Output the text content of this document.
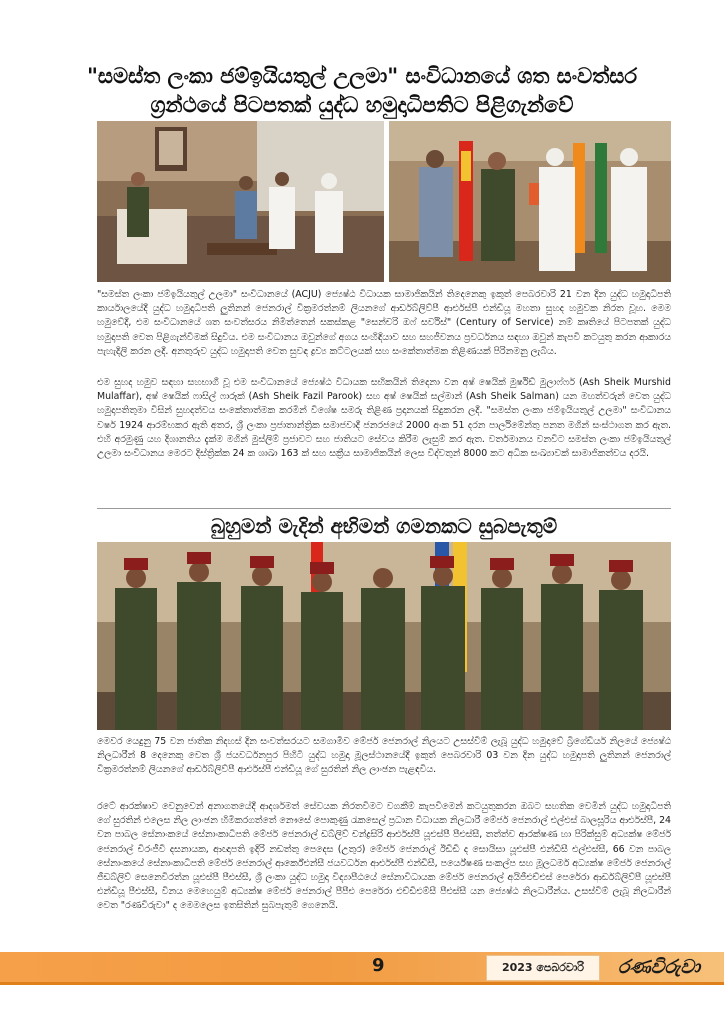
"සමස්ත ලංකා ජම්ඉයියතුල් උලමා" සංවිධානයේ ශත සංවත්සර ග්‍රන්ථයේ පිටපතක් යුද්ධ හමුදාධිපතිට පිළිගැන්වේ

"සමස්ත ලංකා ජම්ඉයියතුල් උලමා" සංවිධානයේ (ACJU) ජ්‍යෙෂ්ඨ විධායක සාමාජිකයින් තිදෙනෙකු ඉකුත් පෙබරවාරි 21 වන දින යුද්ධ හමුදාධිපති කාර්යාලයේදී යුද්ධ හමුදාධිපති ලුතිනන් ජෙනරාල් වික්‍රමරත්නම් ලියනගේ ආර්ඩබ්ලිව්පී ආර්එස්පී එන්ඩියූ මහතා සුහද හමුවක නිරත වූහ. මෙම හමුවේදී, එම සංවිධානයේ ශත සංවත්සරය නිමිත්තෙන් සකස්කළ "සෙන්චරි ඔෆ් සර්විස්" (Century of Service) නම් කෘතියේ පිටපතක් යුද්ධ හමුදාපති වෙත පිළිගැන්වීමක් සිදුවිය. එම සංවිධානය ඔවුන්ගේ අගය සංහිඳියාව සහ සහජීවනය ප්‍රවර්ධනය සඳහා ඔවුන් කැපවී කටයුතු කරන ආකාරය පැහැදිලි කරන ලදී. අනතුරුව යුද්ධ හමුදාපති වෙත සුවඳ ද්‍රව්‍ය කට්ටලයක් සහ සංකේතාත්මක තිළිණයක් පිරිනමනු ලැබීය.

එම සුහද හමුව සඳහා සහභාගී වූ එම සංවිධානයේ ජ්‍යෙෂ්ඨ විධායක සභිකයින් තිදෙනා වන අෂ් ෂෙයික් මුර්ෂිඩ් මුලාෆ්ෆර් (Ash Sheik Murshid Mulaffar), අෂ් ෂෙයික් ෆාසිල් ෆාරූක් (Ash Sheik Fazil Parook) සහ අෂ් ෂෙයික් සල්මාන් (Ash Sheik Salman) යන මහත්වරුන් වෙත යුද්ධ හමුදාපතිතුමා විසින් සුහදත්වය සංකේතාත්මක කරමින් විශේෂ සමරු තිළිණ ප්‍රදානයක් සිදුකරන ලදී. "සමස්ත ලංකා ජම්ඉයියතුල් උලමා" සංවිධානය වර්ෂ 1924 ආරම්භකර ඇති අතර, ශ්‍රී ලංකා ප්‍රජාතාන්ත්‍රික සමාජවාදී ජනරජයේ 2000 අංක 51 දරන පාර්ලිමේන්තු පනත මගින් සංස්ථාගත කර ඇත. එහි අරමුණු යහ දිශානතිය දැක්ම මගින් මුස්ලිම් ප්‍රජාවට සහ ජාතියට සේවය කිරීම ලැසුම් කර ඇත. වර්තමානය වනවිට සමස්ත ලංකා ජම්ඉයියතුල් උලමා සංවිධානය මෙරට දිස්ත්‍රික්ක 24 ක ශාඛා 163 ක් සහ සක්‍රීය සාමාජිකයින් ලෙස විද්වතුන් 8000 කට අධික සංඛ්‍යාවක් සාමාජිකත්වය දරයි.

බුහුමන් මැදින් අභිමන් ගමනකට සුබපැතුම්

මෙවර යෙදුනු 75 වන ජාතික නිදහස් දින සංවත්සරයට සමගාමීව මේජර් ජෙනරාල් නිලයට උසස්වීම් ලැබූ යුද්ධ හමුදාවේ බ්‍රිගේඩියර් නිලයේ ජ්‍යෙෂ්ඨ නිලධාරීන් 8 දෙනෙකු වෙත ශ්‍රී ජයවර්ධනපුර පිහිටි යුද්ධ හමුදා මූලස්ථානයේදී ඉකුත් පෙබරවාරි 03 වන දින යුද්ධ හමුදාපති ලුතිනන් ජෙනරාල් වික්‍රමරත්නම් ලියනගේ ආර්ඩබ්ලිව්පී ආර්එස්පී එන්ඩියූ ගේ සුරතින් නිල ලාංඡන පැළඳවිය.

රටේ ආරක්ෂාව වෙනුවෙන් අනාගතයේදී ආදර්ශමත් සේවයක නිරතවීමට වගකීම් කැපවීමෙන් කටයුතුකරන ඔබට සහතික වෙමින් යුද්ධ හමුදාධිපති ගේ සුරතින් එලෙස නිල ලාංඡන හිමිකරගත්තේ නෞසේ පොකුණු රැකසෙල් ප්‍රධාන විධායක නිලධාරී මේජර් ජෙනරාල් එල්එස් බාලසූරිය ආර්එස්පී, 24 වන පාබල සේනාංකයේ සේනාංකාධිපති මේජර් ජෙනරාල් ඩබ්ලිව් චන්ද්‍රසිරි ආර්එස්පී යූඑස්පී පීඑස්සී, තත්ත්ව ආරක්ෂණ හා පිරික්සුම් අධ්‍යක්ෂ මේජර් ජෙනරාල් චිරංජීවී දසනායක, ආඥාපති ඉදිරි නඩත්තු පෙදෙස (උතුර) මේජර් ජෙනරාල් ඊඩීඩී ද සොයිසා යූඑස්පී එන්ඩීසී එල්එස්සී, 66 වන පාබල සේනාංකයේ සේනාංකාධිපති මේජර් ජෙනරාල් ආර්කේඑන්සී ජයවර්ධන ආර්එස්පී එන්ඩීසී, පර්යේෂණ සංකල්ප සහ මූලධර්ම අධ්‍යක්ෂ මේජර් ජෙනරාල් ජීඩබ්ලිව් සෙනෙවිරත්න යූඑස්පී පීඑස්සී, ශ්‍රී ලංකා යුද්ධ හමුදා විද්‍යාපීඨයේ සේනාවිධායක මේජර් ජෙනරාල් අයිජීඑච්එස් පෙරේරා ආර්ඩබ්ලිව්පී යූඑස්පී එන්ඩියූ පීඑස්සී, විනය මෙහෙයුම් අධ්‍යක්ෂ මේජර් ජෙනරාල් පීපීඑ පෙරේරා එච්ඩීඑම්සී පීඑස්සී යන ජ්‍යෙෂ්ඨ නිලධාරීන්ය. උසස්වීම් ලැබූ නිලධාරීන් වෙත "රණවිරුවා" ද මෙමලෙස ඉතසිතින් සුබපැතුම් ගෙනෙයි.

9	2023 පෙබරවාරි	රණවිරුවා
